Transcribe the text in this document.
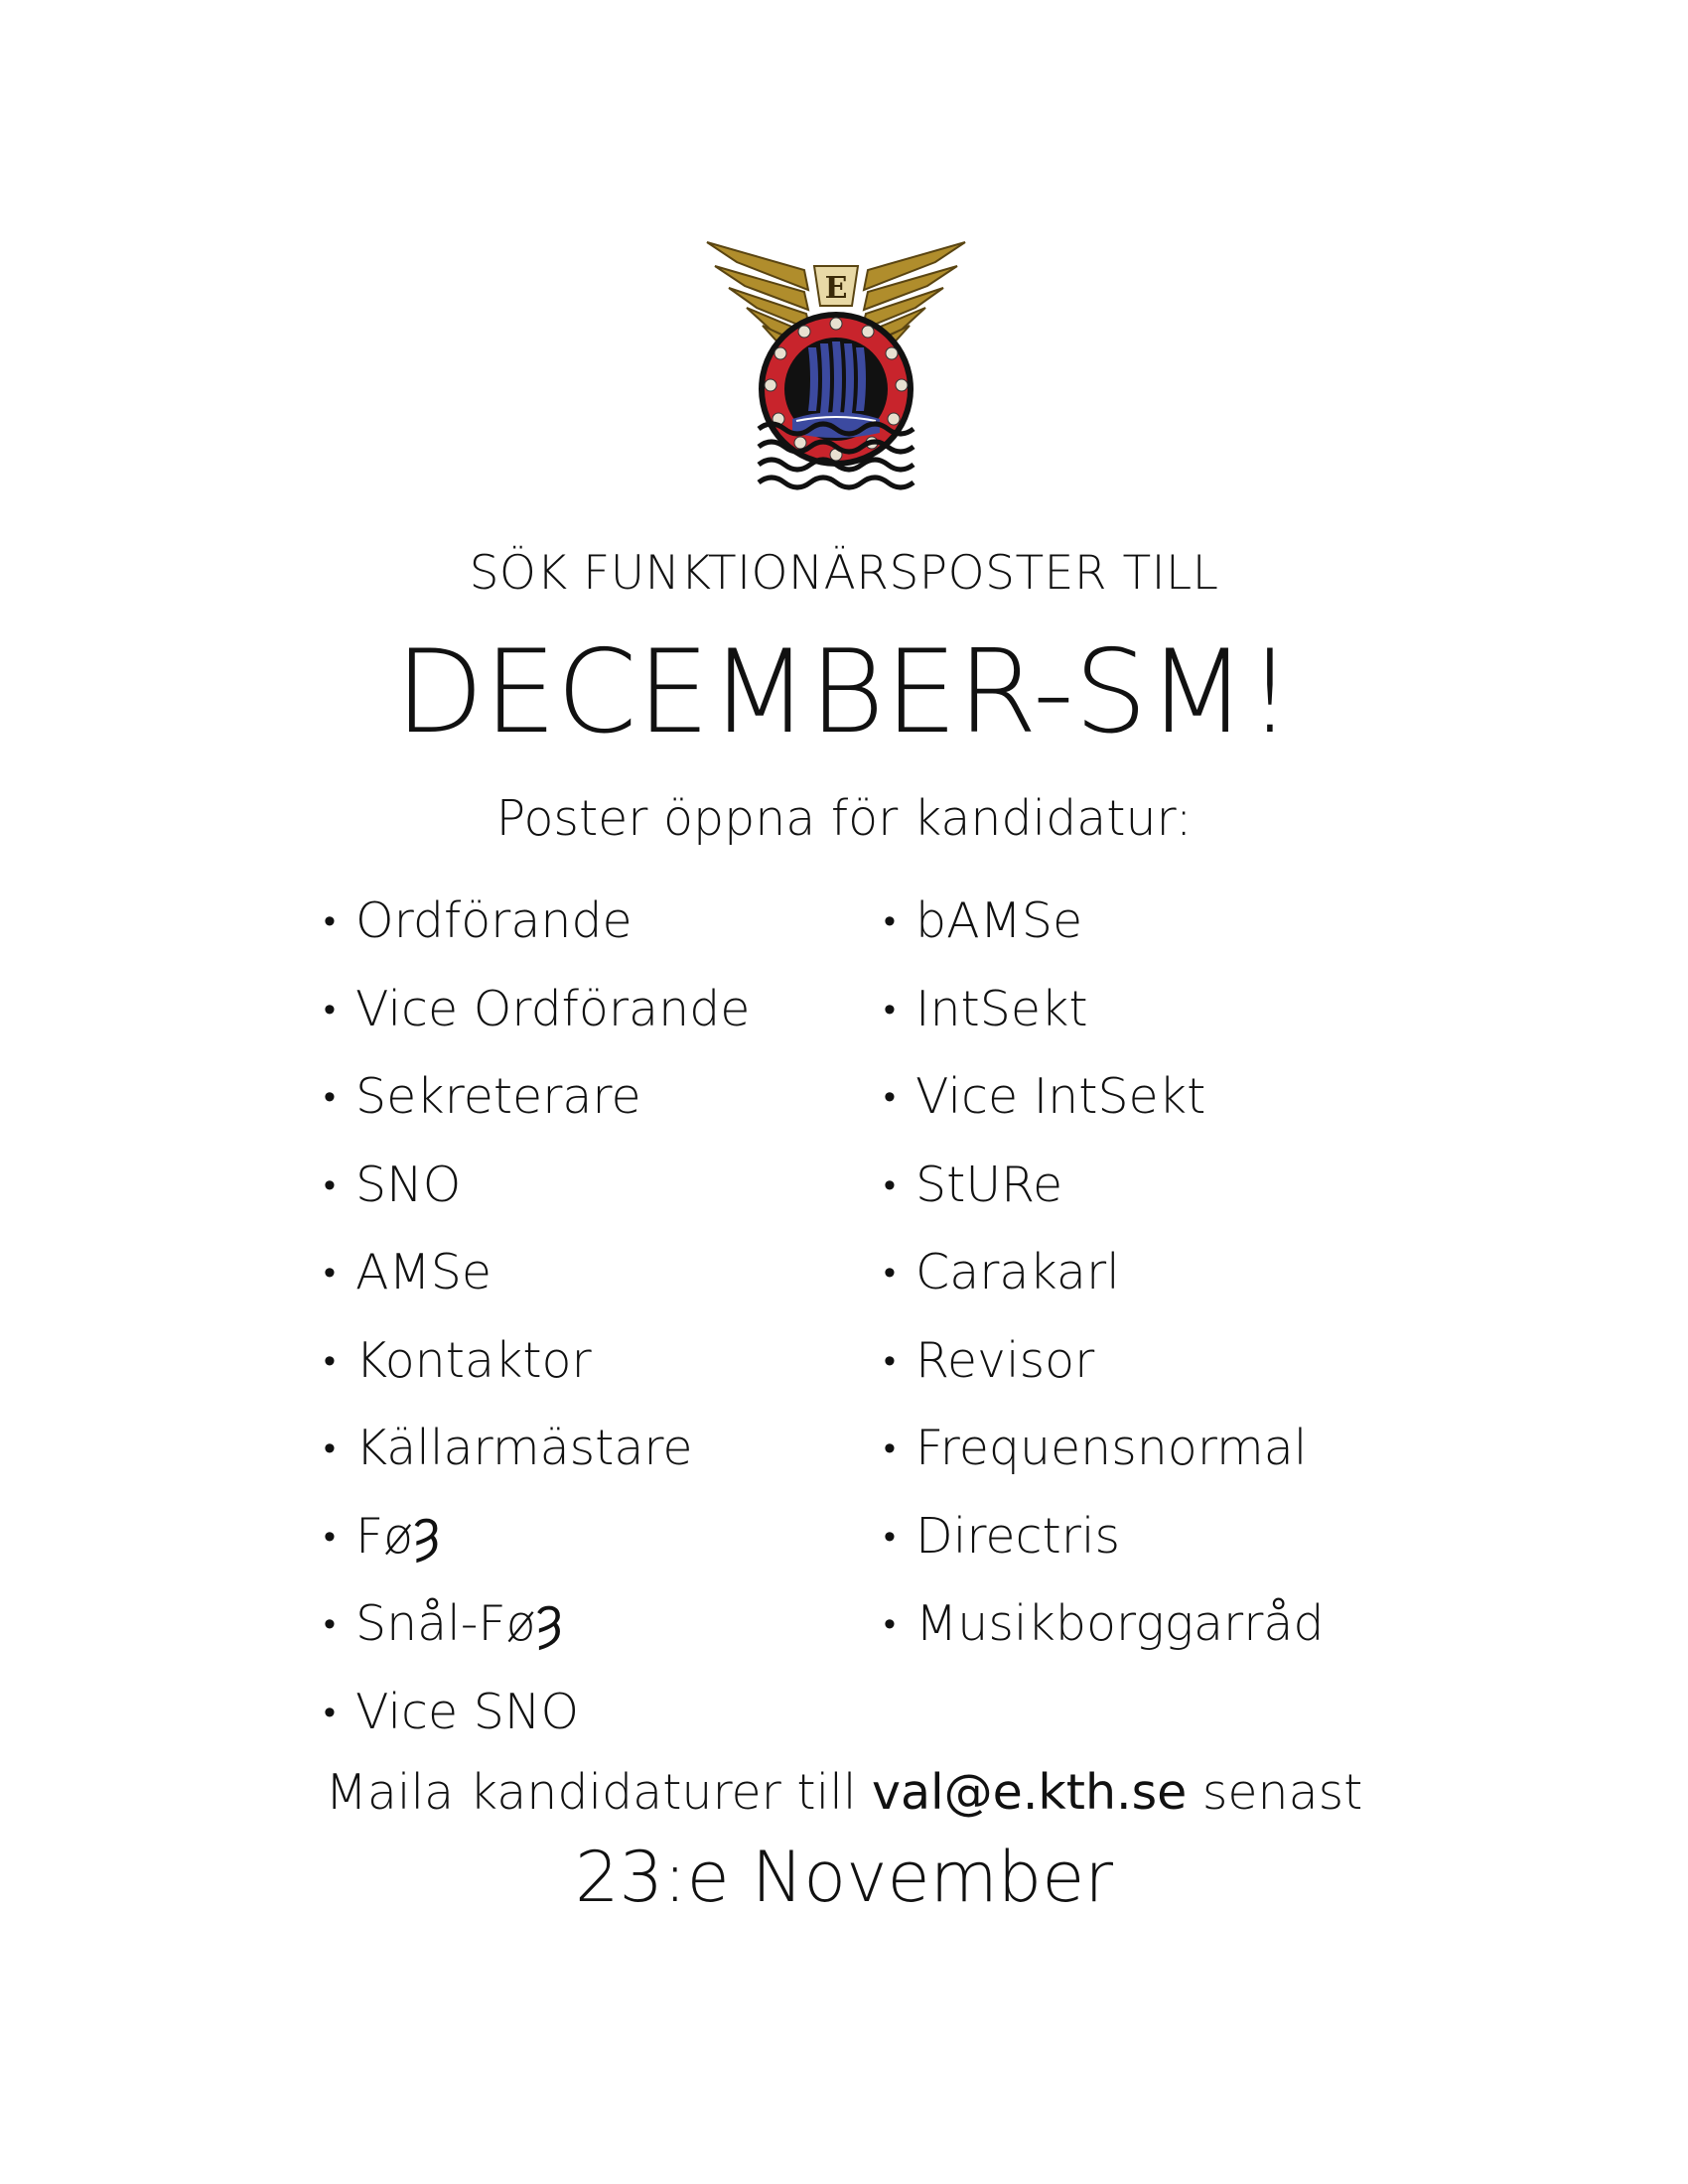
E
SÖK FUNKTIONÄRSPOSTER TILL
DECEMBER-SM!
Poster öppna för kandidatur:
• Ordförande
• Vice Ordförande
• Sekreterare
• SNO
• AMSe
• Kontaktor
• Källarmästare
• FøȜ
• Snål-FøȜ
• Vice SNO
• bAMSe
• IntSekt
• Vice IntSekt
• StURe
• Carakarl
• Revisor
• Frequensnormal
• Directris
• Musikborggarråd
Maila kandidaturer till val@e.kth.se senast
23:e November
